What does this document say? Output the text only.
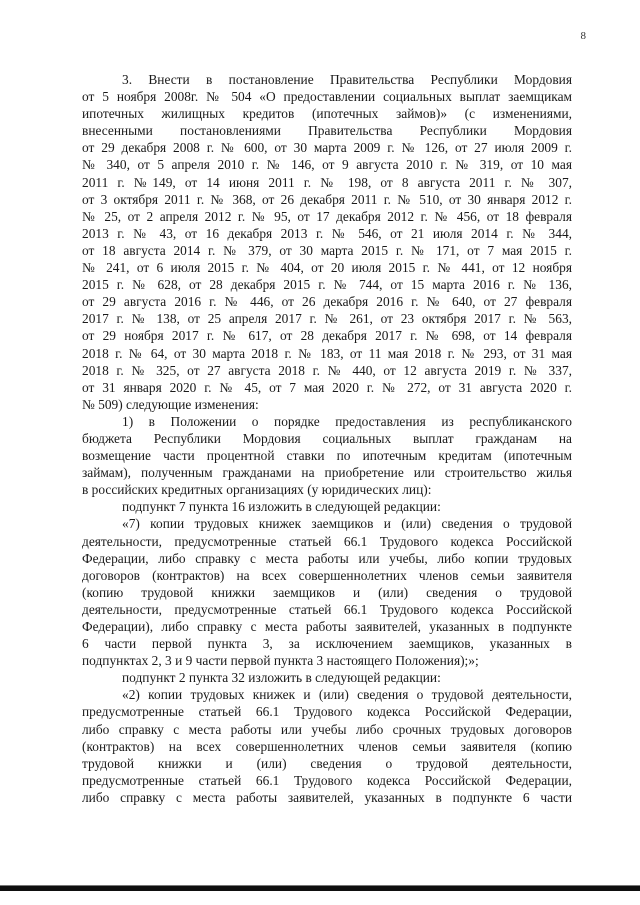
8
3. Внести в постановление Правительства Республики Мордовия
от 5 ноября 2008г. № 504 «О предоставлении социальных выплат заемщикам
ипотечных жилищных кредитов (ипотечных займов)» (с изменениями,
внесенными постановлениями Правительства Республики Мордовия
от 29 декабря 2008 г. № 600, от 30 марта 2009 г. № 126, от 27 июля 2009 г.
№ 340, от 5 апреля 2010 г. № 146, от 9 августа 2010 г. № 319, от 10 мая
2011 г. №149, от 14 июня 2011 г. № 198, от 8 августа 2011 г. № 307,
от 3 октября 2011 г. № 368, от 26 декабря 2011 г. № 510, от 30 января 2012 г.
№ 25, от 2 апреля 2012 г. № 95, от 17 декабря 2012 г. № 456, от 18 февраля
2013 г. № 43, от 16 декабря 2013 г. № 546, от 21 июля 2014 г. № 344,
от 18 августа 2014 г. № 379, от 30 марта 2015 г. № 171, от 7 мая 2015 г.
№ 241, от 6 июля 2015 г. № 404, от 20 июля 2015 г. № 441, от 12 ноября
2015 г. № 628, от 28 декабря 2015 г. № 744, от 15 марта 2016 г. № 136,
от 29 августа 2016 г. № 446, от 26 декабря 2016 г. № 640, от 27 февраля
2017 г. № 138, от 25 апреля 2017 г. № 261, от 23 октября 2017 г. № 563,
от 29 ноября 2017 г. № 617, от 28 декабря 2017 г. № 698, от 14 февраля
2018 г. № 64, от 30 марта 2018 г. № 183, от 11 мая 2018 г. № 293, от 31 мая
2018 г. № 325, от 27 августа 2018 г. № 440, от 12 августа 2019 г. № 337,
от 31 января 2020 г. № 45, от 7 мая 2020 г. № 272, от 31 августа 2020 г.
№ 509) следующие изменения:
1) в Положении о порядке предоставления из республиканского
бюджета Республики Мордовия социальных выплат гражданам на
возмещение части процентной ставки по ипотечным кредитам (ипотечным
займам), полученным гражданами на приобретение или строительство жилья
в российских кредитных организациях (у юридических лиц):
подпункт 7 пункта 16 изложить в следующей редакции:
«7) копии трудовых книжек заемщиков и (или) сведения о трудовой
деятельности, предусмотренные статьей 66.1 Трудового кодекса Российской
Федерации, либо справку с места работы или учебы, либо копии трудовых
договоров (контрактов) на всех совершеннолетних членов семьи заявителя
(копию трудовой книжки заемщиков и (или) сведения о трудовой
деятельности, предусмотренные статьей 66.1 Трудового кодекса Российской
Федерации), либо справку с места работы заявителей, указанных в подпункте
6 части первой пункта 3, за исключением заемщиков, указанных в
подпунктах 2, 3 и 9 части первой пункта 3 настоящего Положения);»;
подпункт 2 пункта 32 изложить в следующей редакции:
«2) копии трудовых книжек и (или) сведения о трудовой деятельности,
предусмотренные статьей 66.1 Трудового кодекса Российской Федерации,
либо справку с места работы или учебы либо срочных трудовых договоров
(контрактов) на всех совершеннолетних членов семьи заявителя (копию
трудовой книжки и (или) сведения о трудовой деятельности,
предусмотренные статьей 66.1 Трудового кодекса Российской Федерации,
либо справку с места работы заявителей, указанных в подпункте 6 части
